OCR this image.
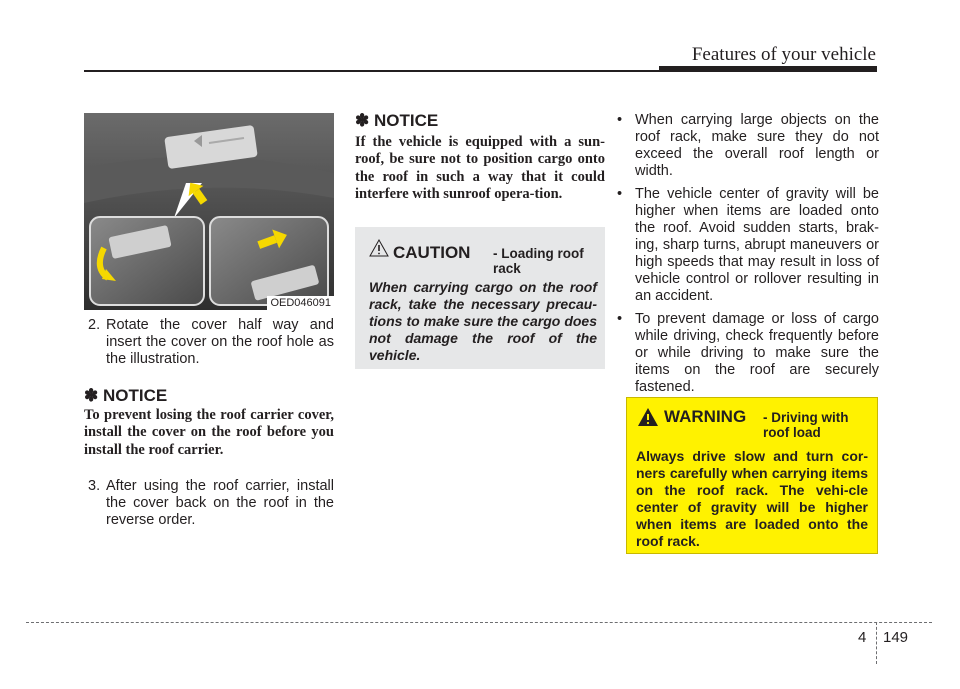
Features of your vehicle
OED046091
2. Rotate the cover half way and insert the cover on the roof hole as the illustration.
✽ NOTICE
To prevent losing the roof carrier cover, install the cover on the roof before you install the roof carrier.
3. After using the roof carrier, install the cover back on the roof in the reverse order.
✽ NOTICE
If the vehicle is equipped with a sun-roof, be sure not to position cargo onto the roof in such a way that it could interfere with sunroof opera-tion.
CAUTION - Loading roof rack
When carrying cargo on the roof rack, take the necessary precau-tions to make sure the cargo does not damage the roof of the vehicle.
• When carrying large objects on the roof rack, make sure they do not exceed the overall roof length or width.
• The vehicle center of gravity will be higher when items are loaded onto the roof. Avoid sudden starts, brak-ing, sharp turns, abrupt maneuvers or high speeds that may result in loss of vehicle control or rollover resulting in an accident.
• To prevent damage or loss of cargo while driving, check frequently before or while driving to make sure the items on the roof are securely fastened.
WARNING - Driving with roof load
Always drive slow and turn cor-ners carefully when carrying items on the roof rack. The vehi-cle center of gravity will be higher when items are loaded onto the roof rack.
4 149
